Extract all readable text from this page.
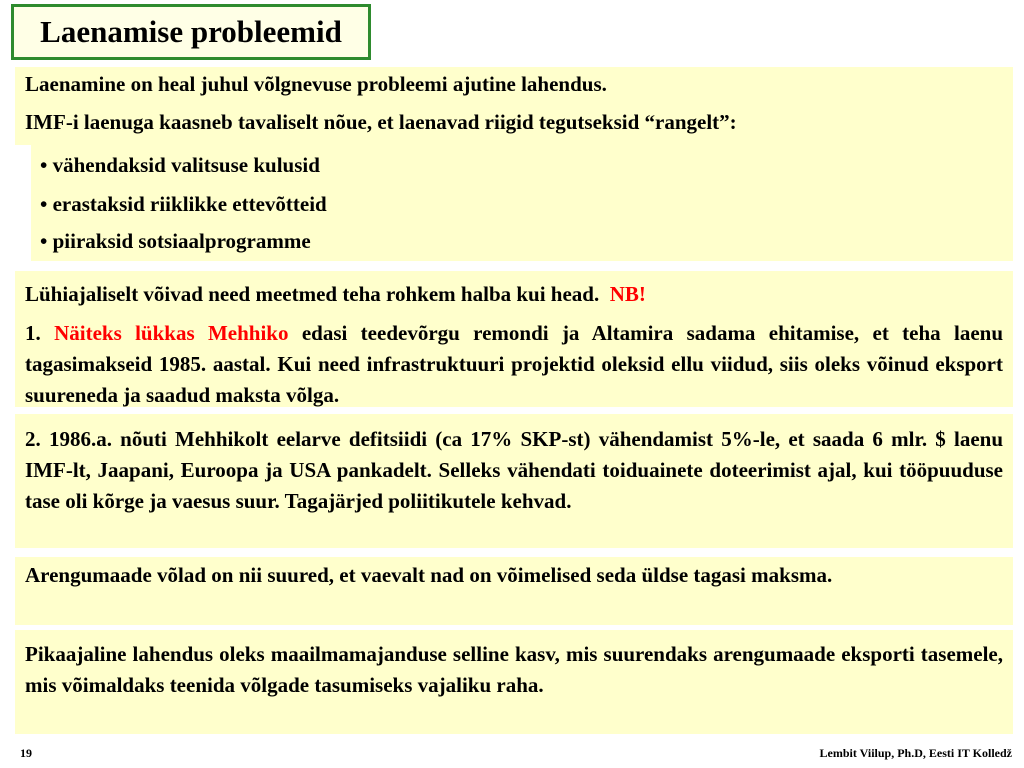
Laenamise probleemid

Laenamine on heal juhul võlgnevuse probleemi ajutine lahendus.

IMF-i laenuga kaasneb tavaliselt nõue, et laenavad riigid tegutseksid “rangelt”:

• vähendaksid valitsuse kulusid

• erastaksid riiklikke ettevõtteid

• piiraksid sotsiaalprogramme

Lühiajaliselt võivad need meetmed teha rohkem halba kui head. NB!

1. Näiteks lükkas Mehhiko edasi teedevõrgu remondi ja Altamira sadama ehitamise, et teha laenu tagasimakseid 1985. aastal. Kui need infrastruktuuri projektid oleksid ellu viidud, siis oleks võinud eksport suureneda ja saadud maksta võlga.

2. 1986.a. nõuti Mehhikolt eelarve defitsiidi (ca 17% SKP-st) vähendamist 5%-le, et saada 6 mlr. $ laenu IMF-lt, Jaapani, Euroopa ja USA pankadelt. Selleks vähendati toiduainete doteerimist ajal, kui tööpuuduse tase oli kõrge ja vaesus suur. Tagajärjed poliitikutele kehvad.

Arengumaade võlad on nii suured, et vaevalt nad on võimelised seda üldse tagasi maksma.

Pikaajaline lahendus oleks maailmamajanduse selline kasv, mis suurendaks arengumaade eksporti tasemele, mis võimaldaks teenida võlgade tasumiseks vajaliku raha.

19	Lembit Viilup, Ph.D, Eesti IT Kolledž
